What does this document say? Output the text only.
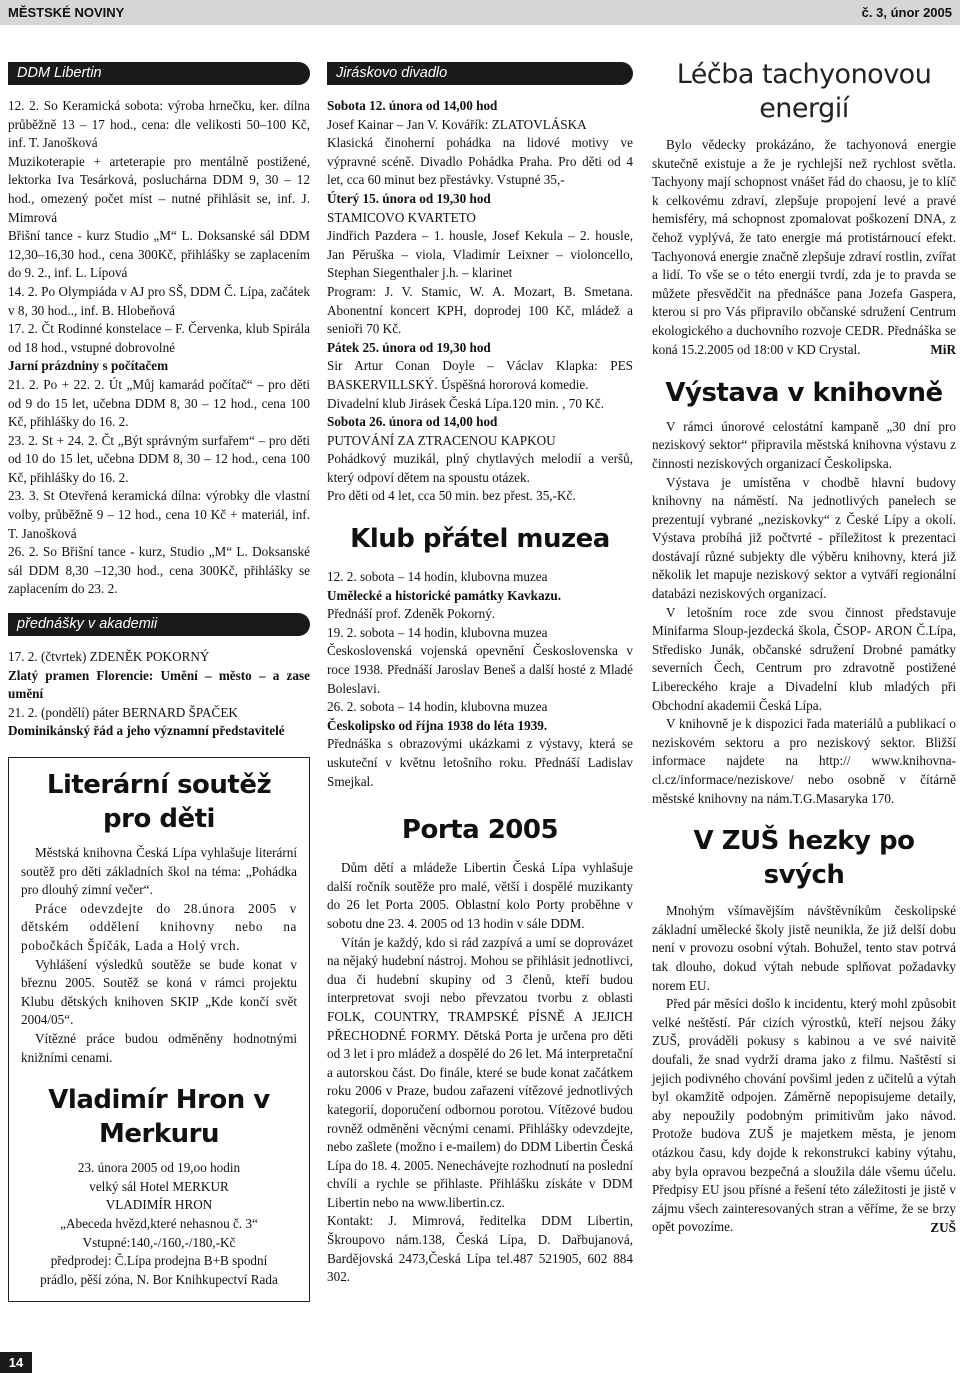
MĚSTSKÉ NOVINY	č. 3, únor 2005
DDM Libertin

12. 2. So Keramická sobota: výroba hrnečku, ker. dílna průběžně 13 – 17 hod., cena: dle velikosti 50–100 Kč, inf. T. Janošková

Muzikoterapie + arteterapie pro mentálně postižené, lektorka Iva Tesárková, posluchárna DDM 9, 30 – 12 hod., omezený počet míst – nutné přihlásit se, inf. J. Mimrová

Břišní tance - kurz Studio „M“ L. Doksanské sál DDM 12,30–16,30 hod., cena 300Kč, přihlášky se zaplacením do 9. 2., inf. L. Lípová

14. 2. Po Olympiáda v AJ pro SŠ, DDM Č. Lípa, začátek v 8, 30 hod.., inf. B. Hlobeňová

17. 2. Čt Rodinné konstelace – F. Červenka, klub Spirála od 18 hod., vstupné dobrovolné

Jarní prázdniny s počítačem

21. 2. Po + 22. 2. Út „Můj kamarád počítač“ – pro děti od 9 do 15 let, učebna DDM 8, 30 – 12 hod., cena 100 Kč, přihlášky do 16. 2.

23. 2. St + 24. 2. Čt „Být správným surfařem“ – pro děti od 10 do 15 let, učebna DDM 8, 30 – 12 hod., cena 100 Kč, přihlášky do 16. 2.

23. 3. St Otevřená keramická dílna: výrobky dle vlastní volby, průběžně 9 – 12 hod., cena 10 Kč + materiál, inf. T. Janošková

26. 2. So Břišní tance - kurz, Studio „M“ L. Doksanské sál DDM 8,30 –12,30 hod., cena 300Kč, přihlášky se zaplacením do 23. 2.

přednášky v akademii

17. 2. (čtvrtek) ZDENĚK POKORNÝ

Zlatý pramen Florencie: Umění – město – a zase umění

21. 2. (pondělí) páter BERNARD ŠPAČEK

Dominikánský řád a jeho významní představitelé

Literární soutěž
pro děti

Městská knihovna Česká Lípa vyhlašuje literární soutěž pro děti základních škol na téma: „Pohádka pro dlouhý zimní večer“.

Práce odevzdejte do 28.února 2005 v dětském oddělení knihovny nebo na pobočkách Špičák, Lada a Holý vrch.

Vyhlášení výsledků soutěže se bude konat v březnu 2005. Soutěž se koná v rámci projektu Klubu dětských knihoven SKIP „Kde končí svět 2004/05“.

Vítězné práce budou odměněny hodnotnými knižními cenami.

Vladimír Hron v Merkuru

23. února 2005 od 19,oo hodin

velký sál Hotel MERKUR

VLADIMÍR HRON

„Abeceda hvězd,které nehasnou č. 3“

Vstupné:140,-/160,-/180,-Kč

předprodej: Č.Lípa prodejna B+B spodní

prádlo, pěší zóna, N. Bor Knihkupectví Rada

Jiráskovo divadlo

Sobota 12. února od 14,00 hod

Josef Kainar – Jan V. Kovářík: ZLATOVLÁSKA

Klasická činoherní pohádka na lidové motivy ve výpravné scéně. Divadlo Pohádka Praha. Pro děti od 4 let, cca 60 minut bez přestávky. Vstupné 35,-

Úterý 15. února od 19,30 hod

STAMICOVO KVARTETO

Jindřich Pazdera – 1. housle, Josef Kekula – 2. housle, Jan Pěruška – viola, Vladimír Leixner – violoncello, Stephan Siegenthaler j.h. – klarinet

Program: J. V. Stamic, W. A. Mozart, B. Smetana. Abonentní koncert KPH, doprodej 100 Kč, mládež a senioři 70 Kč.

Pátek 25. února od 19,30 hod

Sir Artur Conan Doyle – Václav Klapka: PES BASKERVILLSKÝ. Úspěšná hororová komedie.

Divadelní klub Jirásek Česká Lípa.120 min. , 70 Kč.

Sobota 26. února od 14,00 hod

PUTOVÁNÍ ZA ZTRACENOU KAPKOU

Pohádkový muzikál, plný chytlavých melodií a veršů, který odpoví dětem na spoustu otázek.

Pro děti od 4 let, cca 50 min. bez přest. 35,-Kč.

Klub přátel muzea

12. 2. sobota – 14 hodin, klubovna muzea

Umělecké a historické památky Kavkazu.

Přednáší prof. Zdeněk Pokorný.

19. 2. sobota – 14 hodin, klubovna muzea

Československá vojenská opevnění Československa v roce 1938. Přednáší Jaroslav Beneš a další hosté z Mladé Boleslavi.

26. 2. sobota – 14 hodin, klubovna muzea

Českolipsko od října 1938 do léta 1939.

Přednáška s obrazovými ukázkami z výstavy, která se uskuteční v květnu letošního roku. Přednáší Ladislav Smejkal.

Porta 2005

Dům dětí a mládeže Libertin Česká Lípa vyhlašuje další ročník soutěže pro malé, větší i dospělé muzikanty do 26 let Porta 2005. Oblastní kolo Porty proběhne v sobotu dne 23. 4. 2005 od 13 hodin v sále DDM.

Vítán je každý, kdo si rád zazpívá a umí se doprovázet na nějaký hudební nástroj. Mohou se přihlásit jednotlivci, dua či hudební skupiny od 3 členů, kteří budou interpretovat svoji nebo převzatou tvorbu z oblasti FOLK, COUNTRY, TRAMPSKÉ PÍSNĚ A JEJICH PŘECHODNÉ FORMY. Dětská Porta je určena pro děti od 3 let i pro mládež a dospělé do 26 let. Má interpretační a autorskou část. Do finále, které se bude konat začátkem roku 2006 v Praze, budou zařazeni vítězové jednotlivých kategorií, doporučení odbornou porotou. Vítězové budou rovněž odměněni věcnými cenami. Přihlášky odevzdejte, nebo zašlete (možno i e-mailem) do DDM Libertin Česká Lípa do 18. 4. 2005. Nenechávejte rozhodnutí na poslední chvíli a rychle se přihlaste. Přihlášku získáte v DDM Libertin nebo na www.libertin.cz.

Kontakt: J. Mimrová, ředitelka DDM Libertin, Škroupovo nám.138, Česká Lípa, D. Dařbujanová, Bardějovská 2473,Česká Lípa tel.487 521905, 602 884 302.

Léčba tachyonovou energií

Bylo vědecky prokázáno, že tachyonová energie skutečně existuje a že je rychlejší než rychlost světla. Tachyony mají schopnost vnášet řád do chaosu, je to klíč k celkovému zdraví, zlepšuje propojení levé a pravé hemisféry, má schopnost zpomalovat poškození DNA, z čehož vyplývá, že tato energie má protistárnoucí efekt. Tachyonová energie značně zlepšuje zdraví rostlin, zvířat a lidí. To vše se o této energii tvrdí, zda je to pravda se můžete přesvědčit na přednášce pana Jozefa Gaspera, kterou si pro Vás připravilo občanské sdružení Centrum ekologického a duchovního rozvoje CEDR. Přednáška se koná 15.2.2005 od 18:00 v KD Crystal.	MiR

Výstava v knihovně

V rámci únorové celostátní kampaně „30 dní pro neziskový sektor“ připravila městská knihovna výstavu z činnosti neziskových organizací Českolipska.

Výstava je umístěna v chodbě hlavní budovy knihovny na náměstí. Na jednotlivých panelech se prezentují vybrané „neziskovky“ z České Lípy a okolí. Výstava probíhá již počtvrté - příležitost k prezentaci dostávají různé subjekty dle výběru knihovny, která již několik let mapuje neziskový sektor a vytváří regionální databázi neziskových organizací.

V letošním roce zde svou činnost představuje Minifarma Sloup-jezdecká škola, ČSOP- ARON Č.Lípa, Středisko Junák, občanské sdružení Drobné památky severních Čech, Centrum pro zdravotně postižené Libereckého kraje a Divadelní klub mladých při Obchodní akademii Česká Lípa.

V knihovně je k dispozici řada materiálů a publikací o neziskovém sektoru a pro neziskový sektor. Bližší informace najdete na http:// www.knihovna-cl.cz/informace/neziskove/ nebo osobně v čítárně městské knihovny na nám.T.G.Masaryka 170.

V ZUŠ hezky po svých

Mnohým všímavějším návštěvníkům českolipské základní umělecké školy jistě neunikla, že již delší dobu není v provozu osobní výtah. Bohužel, tento stav potrvá tak dlouho, dokud výtah nebude splňovat požadavky norem EU.

Před pár měsíci došlo k incidentu, který mohl způsobit velké neštěstí. Pár cizích výrostků, kteří nejsou žáky ZUŠ, prováděli pokusy s kabinou a ve své naivitě doufali, že snad vydrží drama jako z filmu. Naštěstí si jejich podivného chování povšiml jeden z učitelů a výtah byl okamžitě odpojen. Záměrně nepopisujeme detaily, aby nepoužily podobným primitivům jako návod. Protože budova ZUŠ je majetkem města, je jenom otázkou času, kdy dojde k rekonstrukci kabiny výtahu, aby byla opravou bezpečná a sloužila dále všemu účelu. Předpisy EU jsou přísné a řešení této záležitosti je jistě v zájmu všech zainteresovaných stran a věříme, že se brzy opět povozíme.	ZUŠ

14
